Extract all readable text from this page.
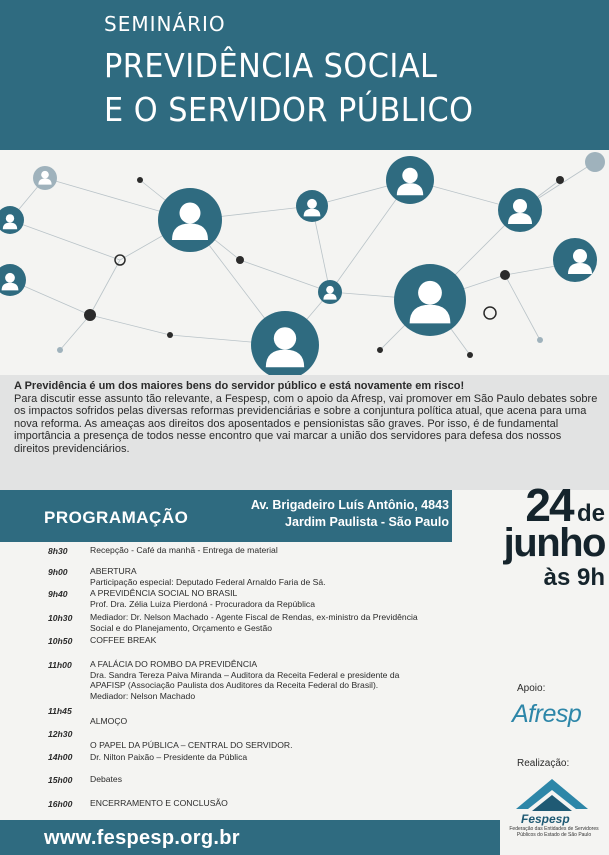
SEMINÁRIO
PREVIDÊNCIA SOCIAL
E O SERVIDOR PÚBLICO
A Previdência é um dos maiores bens do servidor público e está novamente em risco!
Para discutir esse assunto tão relevante, a Fespesp, com o apoio da Afresp, vai promover em São Paulo debates sobre os impactos sofridos pelas diversas reformas previdenciárias e sobre a conjuntura política atual, que acena para uma nova reforma. As ameaças aos direitos dos aposentados e pensionistas são graves. Por isso, é de fundamental importância a presença de todos nesse encontro que vai marcar a união dos servidores para defesa dos nossos direitos previdenciários.
PROGRAMAÇÃO
Av. Brigadeiro Luís Antônio, 4843
Jardim Paulista - São Paulo	24 de
junho
às 9h
8h30	Recepção - Café da manhã - Entrega de material
9h00	ABERTURA
Participação especial: Deputado Federal Arnaldo Faria de Sá.
9h40	A PREVIDÊNCIA SOCIAL NO BRASIL
Prof. Dra. Zélia Luiza Pierdoná - Procuradora da República
10h30 Mediador: Dr. Nelson Machado - Agente Fiscal de Rendas, ex-ministro da Previdência
Social e do Planejamento, Orçamento e Gestão
10h50 COFFEE BREAK
11h00 A FALÁCIA DO ROMBO DA PREVIDÊNCIA
Dra. Sandra Tereza Paiva Miranda – Auditora da Receita Federal e presidente da
APAFISP (Associação Paulista dos Auditores da Receita Federal do Brasil).
Mediador: Nelson Machado
11h45
ALMOÇO
12h30
O PAPEL DA PÚBLICA – CENTRAL DO SERVIDOR.
14h00 Dr. Nilton Paixão – Presidente da Pública
15h00 Debates
16h00 ENCERRAMENTO E CONCLUSÃO
Apoio:
Afresp
Realização:
Fespesp
Federação das Entidades de Servidores Públicos do Estado de São Paulo
www.fespesp.org.br
